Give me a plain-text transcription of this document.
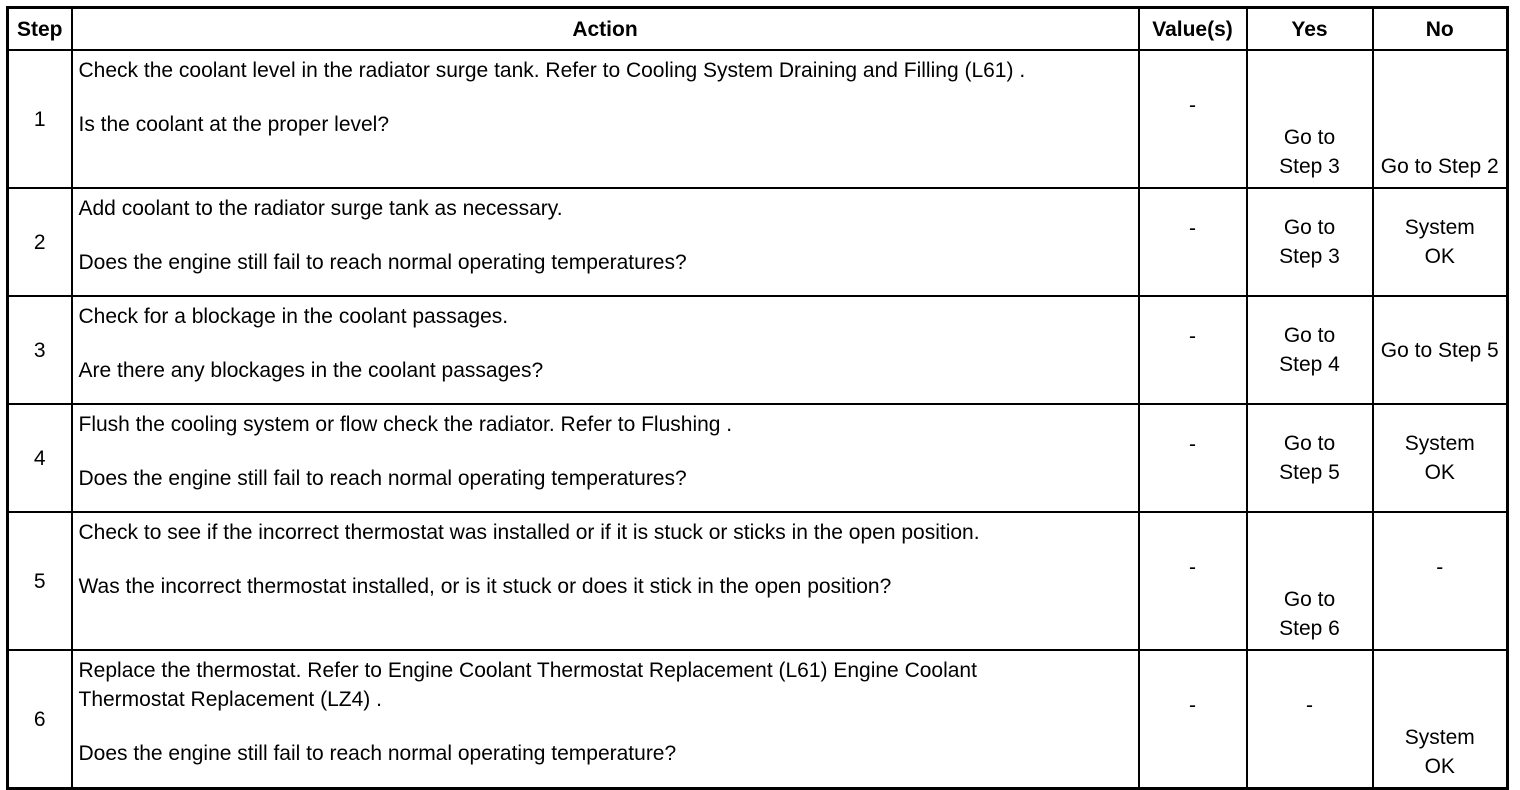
Step	Action	Value(s)	Yes	No
1	Check the coolant level in the radiator surge tank. Refer to Cooling System Draining and Filling (L61) .
Is the coolant at the proper level?	-	Go to Step 3	Go to Step 2

2	Add coolant to the radiator surge tank as necessary.
Does the engine still fail to reach normal operating temperatures?	-	Go to Step 3	System OK

3	Check for a blockage in the coolant passages.
Are there any blockages in the coolant passages?	-	Go to Step 4	Go to Step 5

4	Flush the cooling system or flow check the radiator. Refer to Flushing .
Does the engine still fail to reach normal operating temperatures?	-	Go to Step 5	System OK

5	Check to see if the incorrect thermostat was installed or if it is stuck or sticks in the open position.
Was the incorrect thermostat installed, or is it stuck or does it stick in the open position?	-	Go to Step 6	-
6	Replace the thermostat. Refer to Engine Coolant Thermostat Replacement (L61) Engine Coolant Thermostat Replacement (LZ4) .
Does the engine still fail to reach normal operating temperature?	-	-	System OK
